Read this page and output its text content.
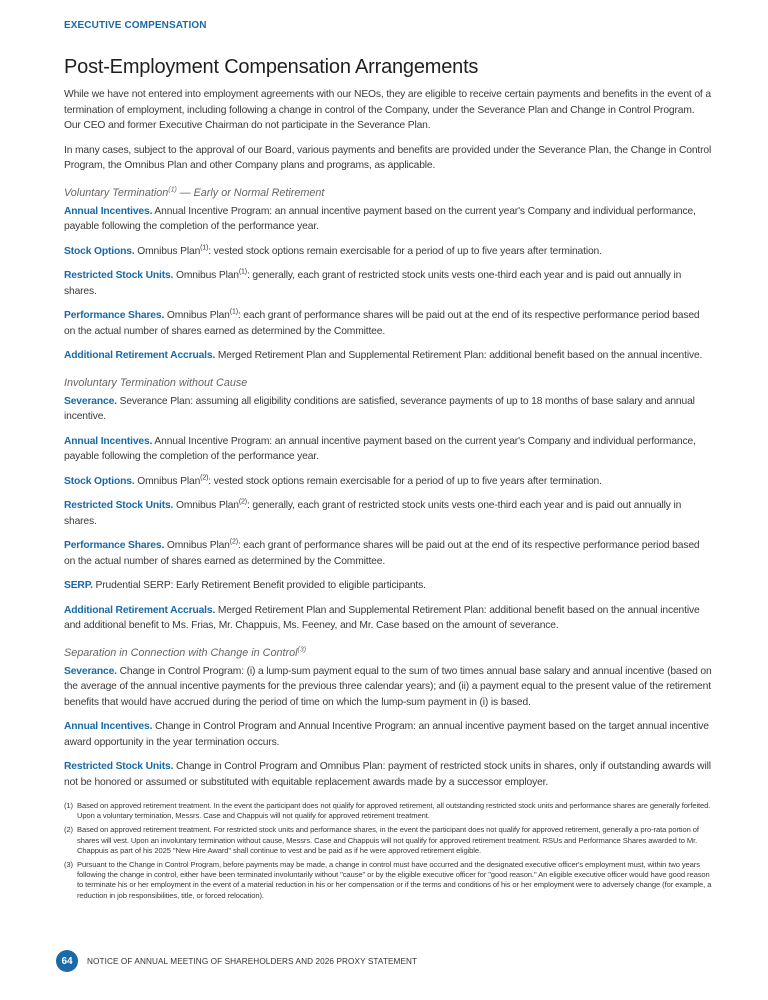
EXECUTIVE COMPENSATION
Post-Employment Compensation Arrangements

While we have not entered into employment agreements with our NEOs, they are eligible to receive certain payments and benefits in the event of a termination of employment, including following a change in control of the Company, under the Severance Plan and Change in Control Program. Our CEO and former Executive Chairman do not participate in the Severance Plan.

In many cases, subject to the approval of our Board, various payments and benefits are provided under the Severance Plan, the Change in Control Program, the Omnibus Plan and other Company plans and programs, as applicable.

Voluntary Termination$^{(1)}$ — Early or Normal Retirement

Annual Incentives. Annual Incentive Program: an annual incentive payment based on the current year's Company and individual performance, payable following the completion of the performance year.

Stock Options. Omnibus Plan$^{(1)}$: vested stock options remain exercisable for a period of up to five years after termination.

Restricted Stock Units. Omnibus Plan$^{(1)}$: generally, each grant of restricted stock units vests one-third each year and is paid out annually in shares.

Performance Shares. Omnibus Plan$^{(1)}$: each grant of performance shares will be paid out at the end of its respective performance period based on the actual number of shares earned as determined by the Committee.

Additional Retirement Accruals. Merged Retirement Plan and Supplemental Retirement Plan: additional benefit based on the annual incentive.

Involuntary Termination without Cause

Severance. Severance Plan: assuming all eligibility conditions are satisfied, severance payments of up to 18 months of base salary and annual incentive.

Annual Incentives. Annual Incentive Program: an annual incentive payment based on the current year's Company and individual performance, payable following the completion of the performance year.

Stock Options. Omnibus Plan$^{(2)}$: vested stock options remain exercisable for a period of up to five years after termination.

Restricted Stock Units. Omnibus Plan$^{(2)}$: generally, each grant of restricted stock units vests one-third each year and is paid out annually in shares.

Performance Shares. Omnibus Plan$^{(2)}$: each grant of performance shares will be paid out at the end of its respective performance period based on the actual number of shares earned as determined by the Committee.

SERP. Prudential SERP: Early Retirement Benefit provided to eligible participants.

Additional Retirement Accruals. Merged Retirement Plan and Supplemental Retirement Plan: additional benefit based on the annual incentive and additional benefit to Ms. Frias, Mr. Chappuis, Ms. Feeney, and Mr. Case based on the amount of severance.

Separation in Connection with Change in Control$^{(3)}$

Severance. Change in Control Program: (i) a lump-sum payment equal to the sum of two times annual base salary and annual incentive (based on the average of the annual incentive payments for the previous three calendar years); and (ii) a payment equal to the present value of the retirement benefits that would have accrued during the period of time on which the lump-sum payment in (i) is based.

Annual Incentives. Change in Control Program and Annual Incentive Program: an annual incentive payment based on the target annual incentive award opportunity in the year termination occurs.

Restricted Stock Units. Change in Control Program and Omnibus Plan: payment of restricted stock units in shares, only if outstanding awards will not be honored or assumed or substituted with equitable replacement awards made by a successor employer.

(1) Based on approved retirement treatment. In the event the participant does not qualify for approved retirement, all outstanding restricted stock units and performance shares are generally forfeited. Upon a voluntary termination, Messrs. Case and Chappuis will not qualify for approved retirement treatment.
(2) Based on approved retirement treatment. For restricted stock units and performance shares, in the event the participant does not qualify for approved retirement, generally a pro-rata portion of shares will vest. Upon an involuntary termination without cause, Messrs. Case and Chappuis will not qualify for approved retirement treatment. RSUs and Performance Shares awarded to Mr. Chappuis as part of his 2025 "New Hire Award" shall continue to vest and be paid as if he were approved retirement eligible.
(3) Pursuant to the Change in Control Program, before payments may be made, a change in control must have occurred and the designated executive officer's employment must, within two years following the change in control, either have been terminated involuntarily without "cause" or by the eligible executive officer for "good reason." An eligible executive officer would have good reason to terminate his or her employment in the event of a material reduction in his or her compensation or if the terms and conditions of his or her employment were to adversely change (for example, a reduction in job responsibilities, title, or forced relocation).
64	NOTICE OF ANNUAL MEETING OF SHAREHOLDERS AND 2026 PROXY STATEMENT
